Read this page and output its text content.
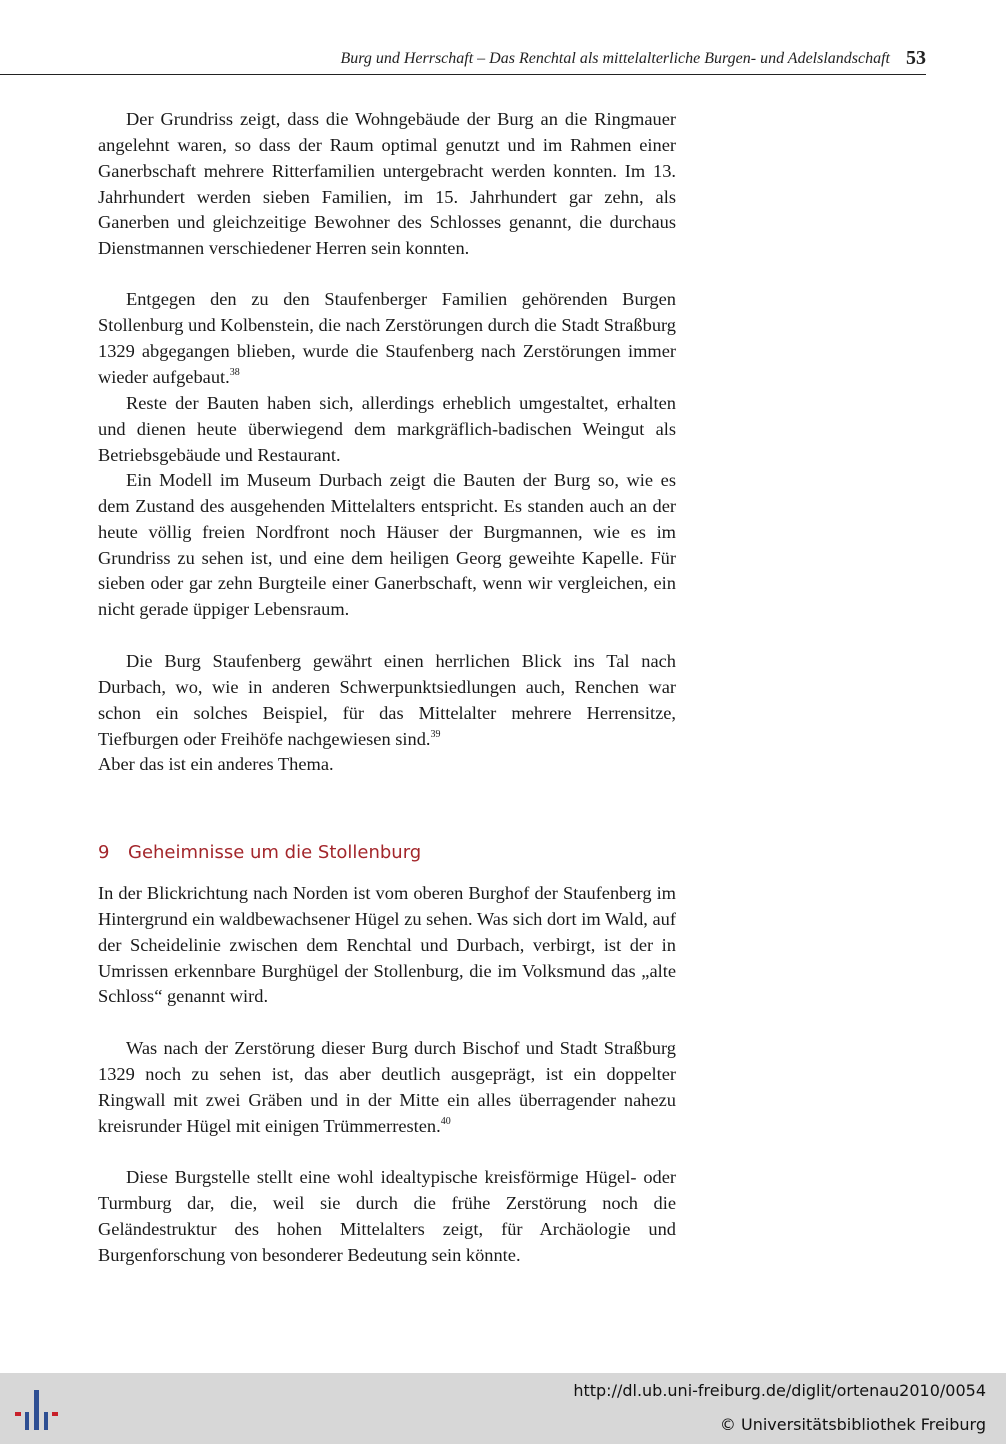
Burg und Herrschaft – Das Renchtal als mittelalterliche Burgen- und Adelslandschaft 53

Der Grundriss zeigt, dass die Wohngebäude der Burg an die Ringmauer angelehnt waren, so dass der Raum optimal genutzt und im Rahmen einer Ganerbschaft mehrere Ritterfamilien untergebracht werden konnten. Im 13. Jahrhundert werden sieben Familien, im 15. Jahrhundert gar zehn, als Ganerben und gleichzeitige Bewohner des Schlosses genannt, die durchaus Dienstmannen verschiedener Herren sein konnten.

Entgegen den zu den Staufenberger Familien gehörenden Burgen Stollenburg und Kolbenstein, die nach Zerstörungen durch die Stadt Straßburg 1329 abgegangen blieben, wurde die Staufenberg nach Zerstörungen immer wieder aufgebaut.$^{38}$

Reste der Bauten haben sich, allerdings erheblich umgestaltet, erhalten und dienen heute überwiegend dem markgräflich-badischen Weingut als Betriebsgebäude und Restaurant.

Ein Modell im Museum Durbach zeigt die Bauten der Burg so, wie es dem Zustand des ausgehenden Mittelalters entspricht. Es standen auch an der heute völlig freien Nordfront noch Häuser der Burgmannen, wie es im Grundriss zu sehen ist, und eine dem heiligen Georg geweihte Kapelle. Für sieben oder gar zehn Burgteile einer Ganerbschaft, wenn wir vergleichen, ein nicht gerade üppiger Lebensraum.

Die Burg Staufenberg gewährt einen herrlichen Blick ins Tal nach Durbach, wo, wie in anderen Schwerpunktsiedlungen auch, Renchen war schon ein solches Beispiel, für das Mittelalter mehrere Herrensitze, Tiefburgen oder Freihöfe nachgewiesen sind.$^{39}$
Aber das ist ein anderes Thema.

9 Geheimnisse um die Stollenburg

In der Blickrichtung nach Norden ist vom oberen Burghof der Staufenberg im Hintergrund ein waldbewachsener Hügel zu sehen. Was sich dort im Wald, auf der Scheidelinie zwischen dem Renchtal und Durbach, verbirgt, ist der in Umrissen erkennbare Burghügel der Stollenburg, die im Volksmund das „alte Schloss“ genannt wird.

Was nach der Zerstörung dieser Burg durch Bischof und Stadt Straßburg 1329 noch zu sehen ist, das aber deutlich ausgeprägt, ist ein doppelter Ringwall mit zwei Gräben und in der Mitte ein alles überragender nahezu kreisrunder Hügel mit einigen Trümmerresten.$^{40}$

Diese Burgstelle stellt eine wohl idealtypische kreisförmige Hügel- oder Turmburg dar, die, weil sie durch die frühe Zerstörung noch die Geländestruktur des hohen Mittelalters zeigt, für Archäologie und Burgenforschung von besonderer Bedeutung sein könnte.

http://dl.ub.uni-freiburg.de/diglit/ortenau2010/0054
© Universitätsbibliothek Freiburg
